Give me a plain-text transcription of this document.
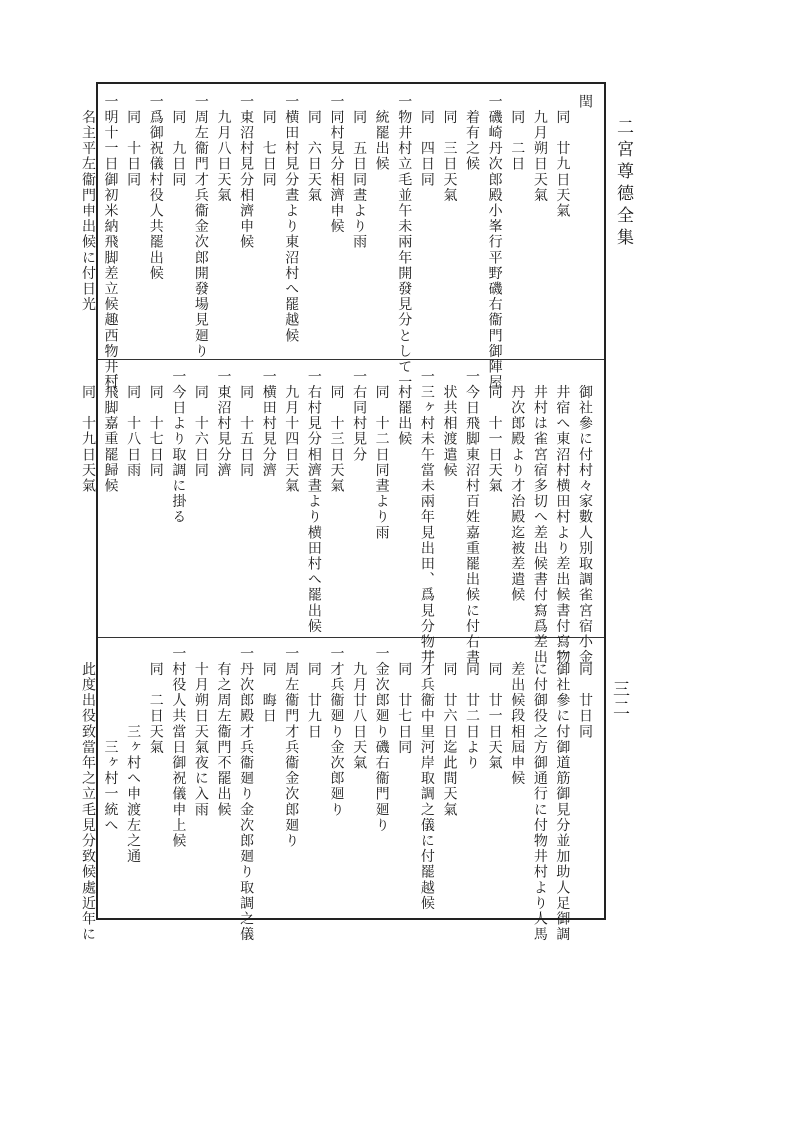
二宮尊德全集
三二
閏
　同　廿九日天氣
　九月朔日天氣
　同　二日
一磯崎丹次郎殿小峯行平野磯右衞門御陣屋
　着有之候
　同　三日天氣
　同　四日同
一物井村立毛並午未兩年開發見分として一
　統罷出候
　同　五日同晝より雨
一同村見分相濟申候
　同　六日天氣
一横田村見分晝より東沼村へ罷越候
　同　七日同
一東沼村見分相濟申候
　九月八日天氣
一周左衞門才兵衞金次郎開發場見廻り
　同　九日同
一爲御祝儀村役人共罷出候
　同　十日同
一明十一日御初米納飛脚差立候趣西物井村
　名主平左衞門申出候に付日光
　御社參に付村々家數人別取調雀宮宿小金
　井宿へ東沼村横田村より差出候書付寫物
　井村は雀宮宿多切へ差出候書付寫爲差出
　丹次郎殿より才治殿迄被差遣候
　同　十一日天氣
一今日飛脚東沼村百姓嘉重罷出候に付右書
　状共相渡遣候
一三ヶ村未午當未兩年見出田、爲見分物井
　村罷出候
　同　十二日同晝より雨
一右同村見分
　同　十三日天氣
一右村見分相濟晝より横田村へ罷出候
　九月十四日天氣
一横田村見分濟
　同　十五日同
一東沼村見分濟
　同　十六日同
一今日より取調に掛る
　同　十七日同
　同　十八日雨
一飛脚嘉重罷歸候
　同　十九日天氣
　同　廿日同
一御社參に付御道筋御見分並加助人足御調
　に付御役之方御通行に付物井村より人馬
　差出候段相屆申候
　同　廿一日天氣
　同　廿二日より
　同　廿六日迄此間天氣
一才兵衞中里河岸取調之儀に付罷越候
　同　廿七日同
一金次郎廻り磯右衞門廻り
　九月廿八日天氣
一才兵衞廻り金次郎廻り
　同　廿九日
一周左衞門才兵衞金次郎廻り
　同　晦日
一丹次郎殿才兵衞廻り金次郎廻り取調之儀
　有之周左衞門不罷出候
　十月朔日天氣夜に入雨
一村役人共當日御祝儀申上候
　同　二日天氣
　　　　　三ヶ村へ申渡左之通
　　　　　　三ヶ村一統へ
　此度出役致當年之立毛見分致候處近年に
